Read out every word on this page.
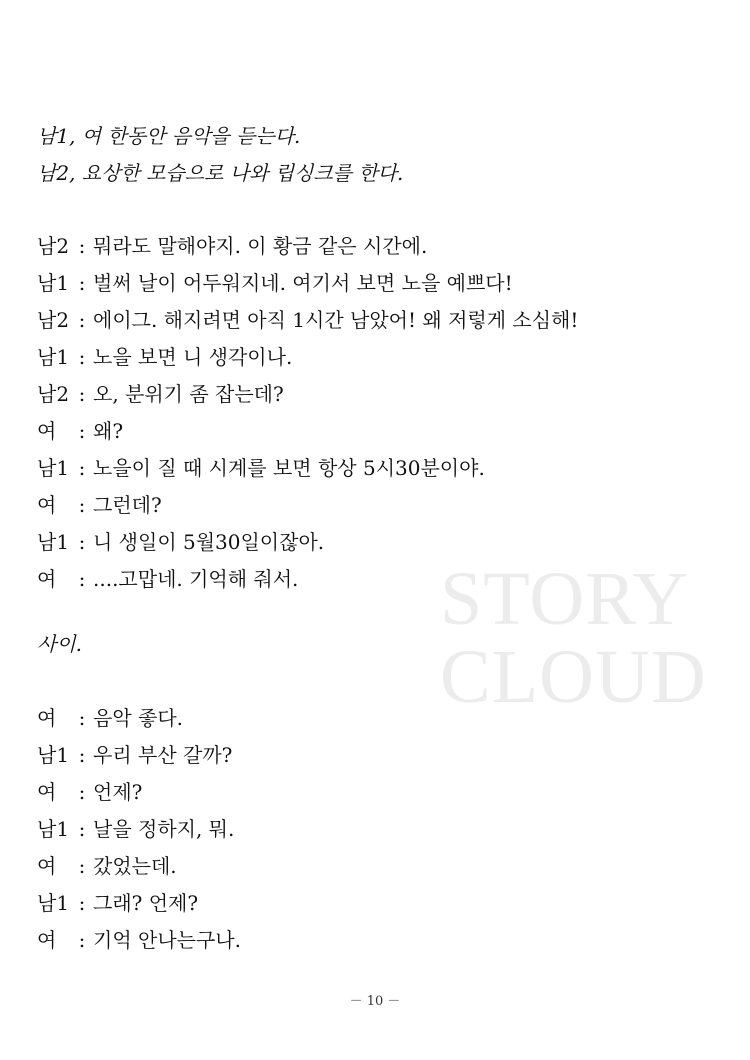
STORY
CLOUD
남1, 여 한동안 음악을 듣는다.
남2, 요상한 모습으로 나와 립싱크를 한다.
남2 : 뭐라도 말해야지. 이 황금 같은 시간에.
남1 : 벌써 날이 어두워지네. 여기서 보면 노을 예쁘다!
남2 : 에이그. 해지려면 아직 1시간 남았어! 왜 저렇게 소심해!
남1 : 노을 보면 니 생각이나.
남2 : 오, 분위기 좀 잡는데?
여	: 왜?
남1 : 노을이 질 때 시계를 보면 항상 5시30분이야.
여	: 그런데?
남1 : 니 생일이 5월30일이잖아.
여	: ....고맙네. 기억해 줘서.
사이.
여	: 음악 좋다.
남1 : 우리 부산 갈까?
여	: 언제?
남1 : 날을 정하지, 뭐.
여	: 갔었는데.
남1 : 그래? 언제?
여	: 기억 안나는구나.
－ 10 －
